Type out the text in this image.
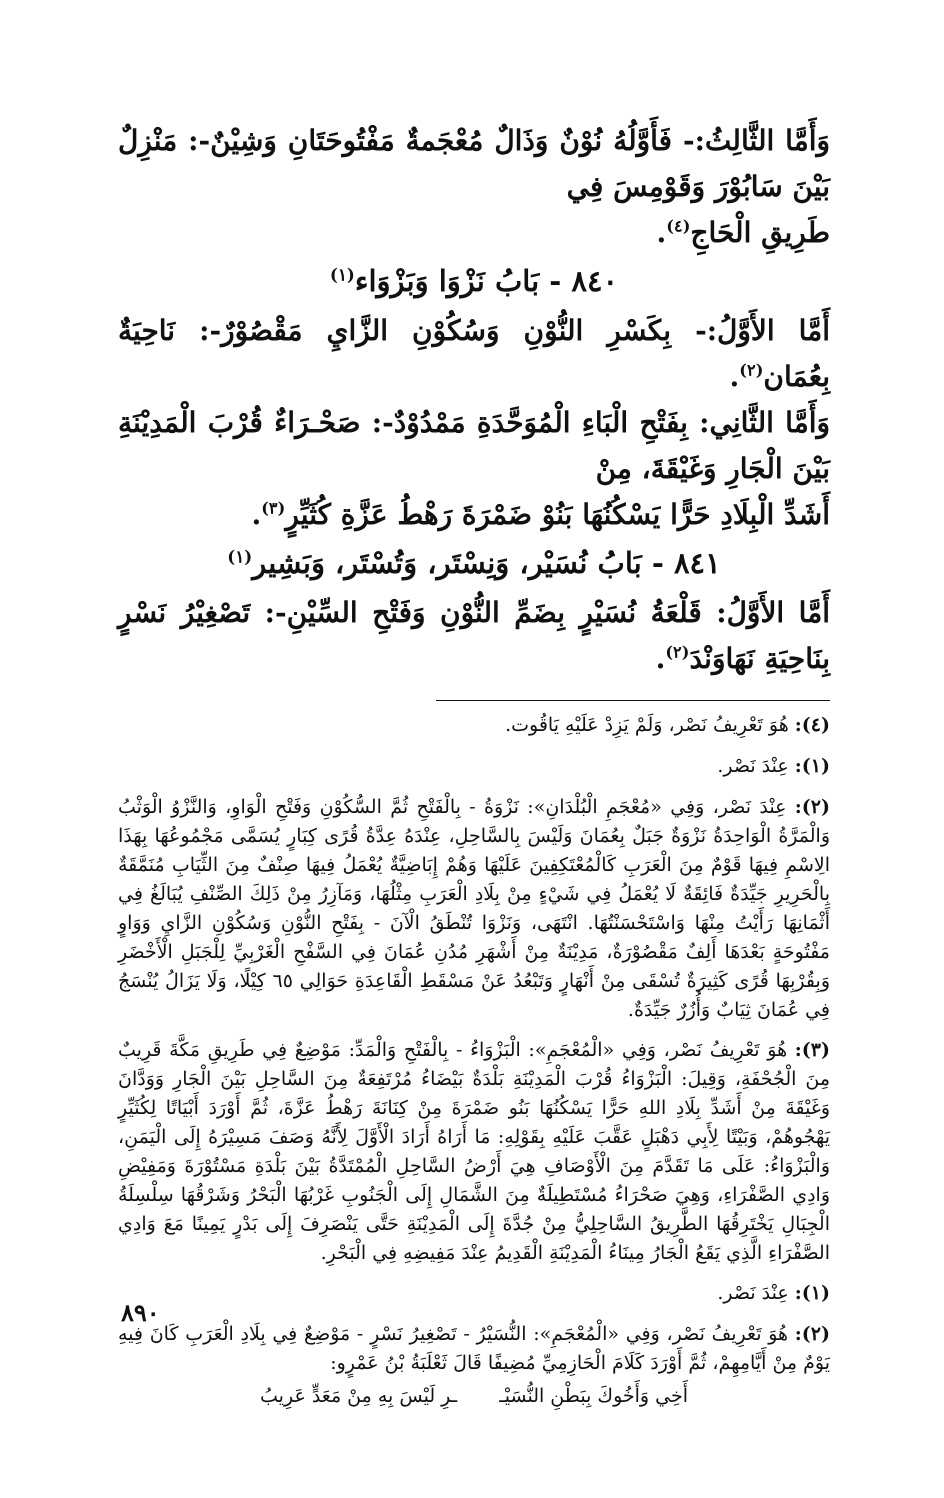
وَأَمَّا الثَّالِثُ:- فَأَوَّلُهُ نُوْنٌ وَذَالٌ مُعْجَمةٌ مَفْتُوحَتَانِ وَشِيْنٌ-: مَنْزِلٌ بَيْنَ سَابُوْرَ وَقَوْمِسَ فِي

طَرِيقِ الْحَاجِ$^{(٤)}$.

٨٤٠ - بَابُ نَزْوَا وَبَزْوَاء$^{(١)}$

أَمَّا الأَوَّلُ:- بِكَسْرِ النُّوْنِ وَسُكُوْنِ الزَّايِ مَقْصُوْرٌ-: نَاحِيَةٌ بِعُمَان$^{(٢)}$.

وَأَمَّا الثَّانِي: بِفَتْحِ الْبَاءِ الْمُوَحَّدَةِ مَمْدُوْدٌ-: صَحْـرَاءٌ قُرْبَ الْمَدِيْنَةِ بَيْنَ الْجَارِ وَغَيْقَةَ، مِنْ

أَشَدِّ الْبِلَادِ حَرًّا يَسْكُنُهَا بَنُوْ ضَمْرَةَ رَهْطُ عَزَّةِ كُثَيِّرٍ$^{(٣)}$.

٨٤١ - بَابُ نُسَيْر، وَنِسْتَر، وَتُسْتَر، وَبَشِير$^{(١)}$

أَمَّا الأَوَّلُ: قَلْعَةُ نُسَيْرٍ بِضَمِّ النُّوْنِ وَفَتْحِ السِّيْنِ-: تَصْغِيْرُ نَسْرٍ بِنَاحِيَةِ نَهَاوَنْدَ$^{(٢)}$.

(٤): هُوَ تَعْرِيفُ نَصْر، وَلَمْ يَزِدْ عَلَيْهِ يَاقُوت.
(١): عِنْدَ نَصْر.
(٢): عِنْدَ نَصْر، وَفِي «مُعْجَمِ الْبُلْدَانِ»: نَزْوَةُ - بِالْفَتْحِ ثُمَّ السُّكُوْنِ وَفَتْحِ الْوَاوِ، وَالنَّزْوُ الْوَثْبُ وَالْمَرَّةُ الْوَاحِدَةُ نَزْوَةٌ جَبَلٌ بِعُمَانَ وَلَيْسَ بِالسَّاحِلِ، عِنْدَهُ عِدَّةُ قُرًى كِبَارٍ يُسَمَّى مَجْمُوعُهَا بِهَذَا الِاسْمِ فِيهَا قَوْمٌ مِنَ الْعَرَبِ كَالْمُعْتَكِفِينَ عَلَيْهَا وَهُمْ إِبَاضِيَّةٌ يُعْمَلُ فِيهَا صِنْفٌ مِنَ الثِّيَابِ مُنَمَّقَةٌ بِالْحَرِيرِ جَيِّدَةٌ فَائِقَةٌ لَا يُعْمَلُ فِي شَيْءٍ مِنْ بِلَادِ الْعَرَبِ مِثْلُهَا، وَمَآزِرُ مِنْ ذَلِكَ الصِّنْفِ يُبَالَغُ فِي أَثْمَانِهَا رَأَيْتُ مِنْهَا وَاسْتَحْسَنْتُهَا. انْتَهَى، وَنَزْوَا تُنْطَقُ الْآنَ - بِفَتْحِ النُّوْنِ وَسُكُوْنِ الزَّايِ وَوَاوٍ مَفْتُوحَةٍ بَعْدَهَا أَلِفٌ مَقْصُوْرَةٌ، مَدِيْنَةٌ مِنْ أَشْهَرِ مُدُنِ عُمَانَ فِي السَّفْحِ الْغَرْبِيِّ لِلْجَبَلِ الْأَخْضَرِ وَبِقُرْبِهَا قُرًى كَثِيرَةٌ تُسْقَى مِنْ أَنْهَارٍ وَتَبْعُدُ عَنْ مَسْقَطِ الْقَاعِدَةِ حَوَالِي ٦٥ كِيْلًا، وَلَا يَزَالُ يُنْسَجُ فِي عُمَانَ ثِيَابٌ وَأُزُرٌ جَيِّدَةٌ.
(٣): هُوَ تَعْرِيفُ نَصْر، وَفِي «الْمُعْجَمِ»: الْبَزْوَاءُ - بِالْفَتْحِ وَالْمَدِّ: مَوْضِعٌ فِي طَرِيقِ مَكَّةَ قَرِيبٌ مِنَ الْجُحْفَةِ، وَقِيلَ: الْبَزْوَاءُ قُرْبَ الْمَدِيْنَةِ بَلْدَةٌ بَيْضَاءُ مُرْتَفِعَةٌ مِنَ السَّاحِلِ بَيْنَ الْجَارِ وَوَدَّانَ وَغَيْقَةَ مِنْ أَشَدِّ بِلَادِ اللهِ حَرًّا يَسْكُنُهَا بَنُو ضَمْرَةَ مِنْ كِنَانَةَ رَهْطُ عَزَّةَ، ثُمَّ أَوْرَدَ أَبْيَاتًا لِكُثَيِّرٍ يَهْجُوهُمْ، وَبَيْتًا لِأَبِي دَهْبَلٍ عَقَّبَ عَلَيْهِ بِقَوْلِهِ: مَا أَرَاهُ أَرَادَ الْأَوَّلَ لِأَنَّهُ وَصَفَ مَسِيْرَهُ إِلَى الْيَمَنِ، وَالْبَزْوَاءُ: عَلَى مَا تَقَدَّمَ مِنَ الْأَوْصَافِ هِيَ أَرْضُ السَّاحِلِ الْمُمْتَدَّةُ بَيْنَ بَلْدَةِ مَسْتُوْرَةَ وَمَفِيْضِ وَادِي الصَّفْرَاءِ، وَهِيَ صَحْرَاءُ مُسْتَطِيلَةٌ مِنَ الشَّمَالِ إِلَى الْجَنُوبِ غَرْبُهَا الْبَحْرُ وَشَرْقُهَا سِلْسِلَةُ الْجِبَالِ يَخْتَرِقُهَا الطَّرِيقُ السَّاحِلِيُّ مِنْ جُدَّةَ إِلَى الْمَدِيْنَةِ حَتَّى يَنْصَرِفَ إِلَى بَدْرٍ يَمِينًا مَعَ وَادِي الصَّفْرَاءِ الَّذِي يَقَعُ الْجَارُ مِينَاءُ الْمَدِيْنَةِ الْقَدِيمُ عِنْدَ مَفِيضِهِ فِي الْبَحْرِ.
(١): عِنْدَ نَصْر.
(٢): هُوَ تَعْرِيفُ نَصْر، وَفِي «الْمُعْجَمِ»: النُّسَيْرُ - تَصْغِيرُ نَسْرٍ - مَوْضِعٌ فِي بِلَادِ الْعَرَبِ كَانَ فِيهِ يَوْمٌ مِنْ أَيَّامِهِمْ، ثُمَّ أَوْرَدَ كَلَامَ الْحَازِمِيِّ مُضِيفًا قَالَ ثَعْلَبَةُ بْنُ عَمْرٍو:
أَخِي وَأَخُوكَ بِبَطْنِ النُّسَيْـ
ـرِ لَيْسَ بِهِ مِنْ مَعَدٍّ عَرِيبُ
٨٩٠
